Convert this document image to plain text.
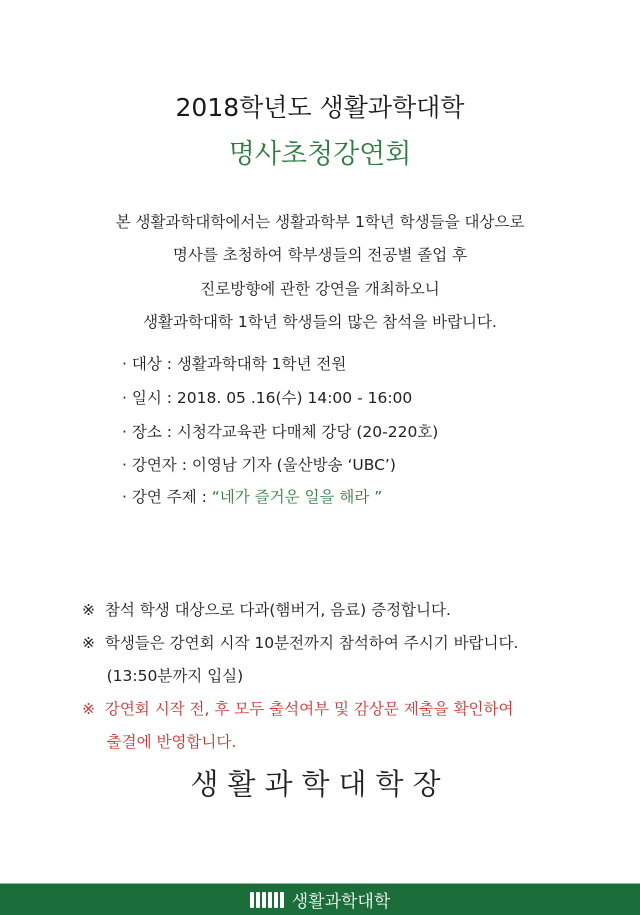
2018학년도 생활과학대학
명사초청강연회
본 생활과학대학에서는 생활과학부 1학년 학생들을 대상으로
명사를 초청하여 학부생들의 전공별 졸업 후
진로방향에 관한 강연을 개최하오니
생활과학대학 1학년 학생들의 많은 참석을 바랍니다.
· 대상 : 생활과학대학 1학년 전원
· 일시 : 2018. 05 .16(수) 14:00 - 16:00
· 장소 : 시청각교육관 다매체 강당 (20-220호)
· 강연자 : 이영남 기자 (울산방송 ‘UBC’)
· 강연 주제 : “네가 즐거운 일을 해라 ”
※  참석 학생 대상으로 다과(햄버거, 음료) 증정합니다.
※  학생들은 강연회 시작 10분전까지 참석하여 주시기 바랍니다.
(13:50분까지 입실)
※  강연회 시작 전, 후 모두 출석여부 및 감상문 제출을 확인하여
출결에 반영합니다.
생활과학대학장
생활과학대학
